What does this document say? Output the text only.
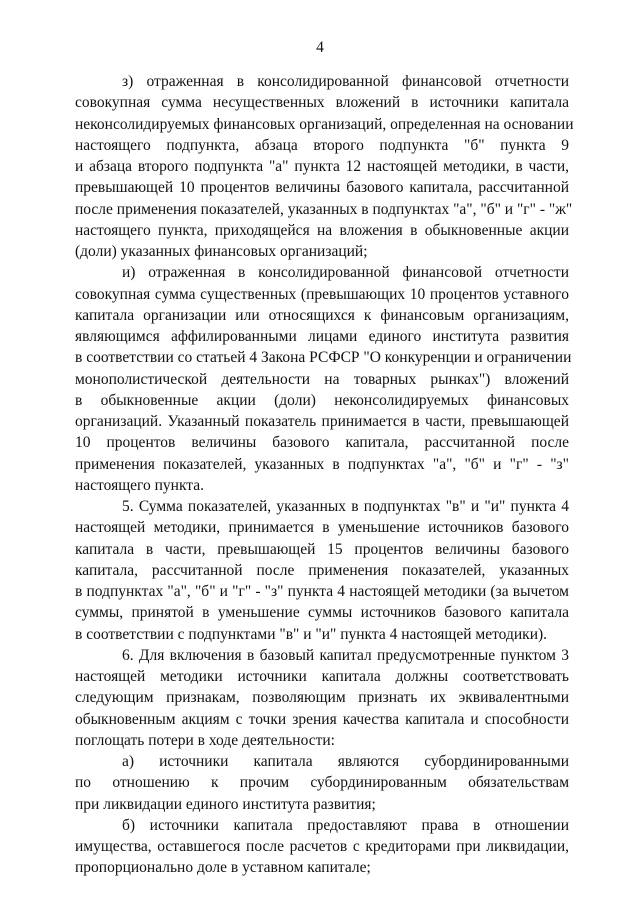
4
з) отраженная в консолидированной финансовой отчетности
совокупная сумма несущественных вложений в источники капитала
неконсолидируемых финансовых организаций, определенная на основании
настоящего подпункта, абзаца второго подпункта "б" пункта 9
и абзаца второго подпункта "а" пункта 12 настоящей методики, в части,
превышающей 10 процентов величины базового капитала, рассчитанной
после применения показателей, указанных в подпунктах "а", "б" и "г" - "ж"
настоящего пункта, приходящейся на вложения в обыкновенные акции
(доли) указанных финансовых организаций;
и) отраженная в консолидированной финансовой отчетности
совокупная сумма существенных (превышающих 10 процентов уставного
капитала организации или относящихся к финансовым организациям,
являющимся аффилированными лицами единого института развития
в соответствии со статьей 4 Закона РСФСР "О конкуренции и ограничении
монополистической деятельности на товарных рынках") вложений
в обыкновенные акции (доли) неконсолидируемых финансовых
организаций. Указанный показатель принимается в части, превышающей
10 процентов величины базового капитала, рассчитанной после
применения показателей, указанных в подпунктах "а", "б" и "г" - "з"
настоящего пункта.
5. Сумма показателей, указанных в подпунктах "в" и "и" пункта 4
настоящей методики, принимается в уменьшение источников базового
капитала в части, превышающей 15 процентов величины базового
капитала, рассчитанной после применения показателей, указанных
в подпунктах "а", "б" и "г" - "з" пункта 4 настоящей методики (за вычетом
суммы, принятой в уменьшение суммы источников базового капитала
в соответствии с подпунктами "в" и "и" пункта 4 настоящей методики).
6. Для включения в базовый капитал предусмотренные пунктом 3
настоящей методики источники капитала должны соответствовать
следующим признакам, позволяющим признать их эквивалентными
обыкновенным акциям с точки зрения качества капитала и способности
поглощать потери в ходе деятельности:
а) источники капитала являются субординированными
по отношению к прочим субординированным обязательствам
при ликвидации единого института развития;
б) источники капитала предоставляют права в отношении
имущества, оставшегося после расчетов с кредиторами при ликвидации,
пропорционально доле в уставном капитале;
